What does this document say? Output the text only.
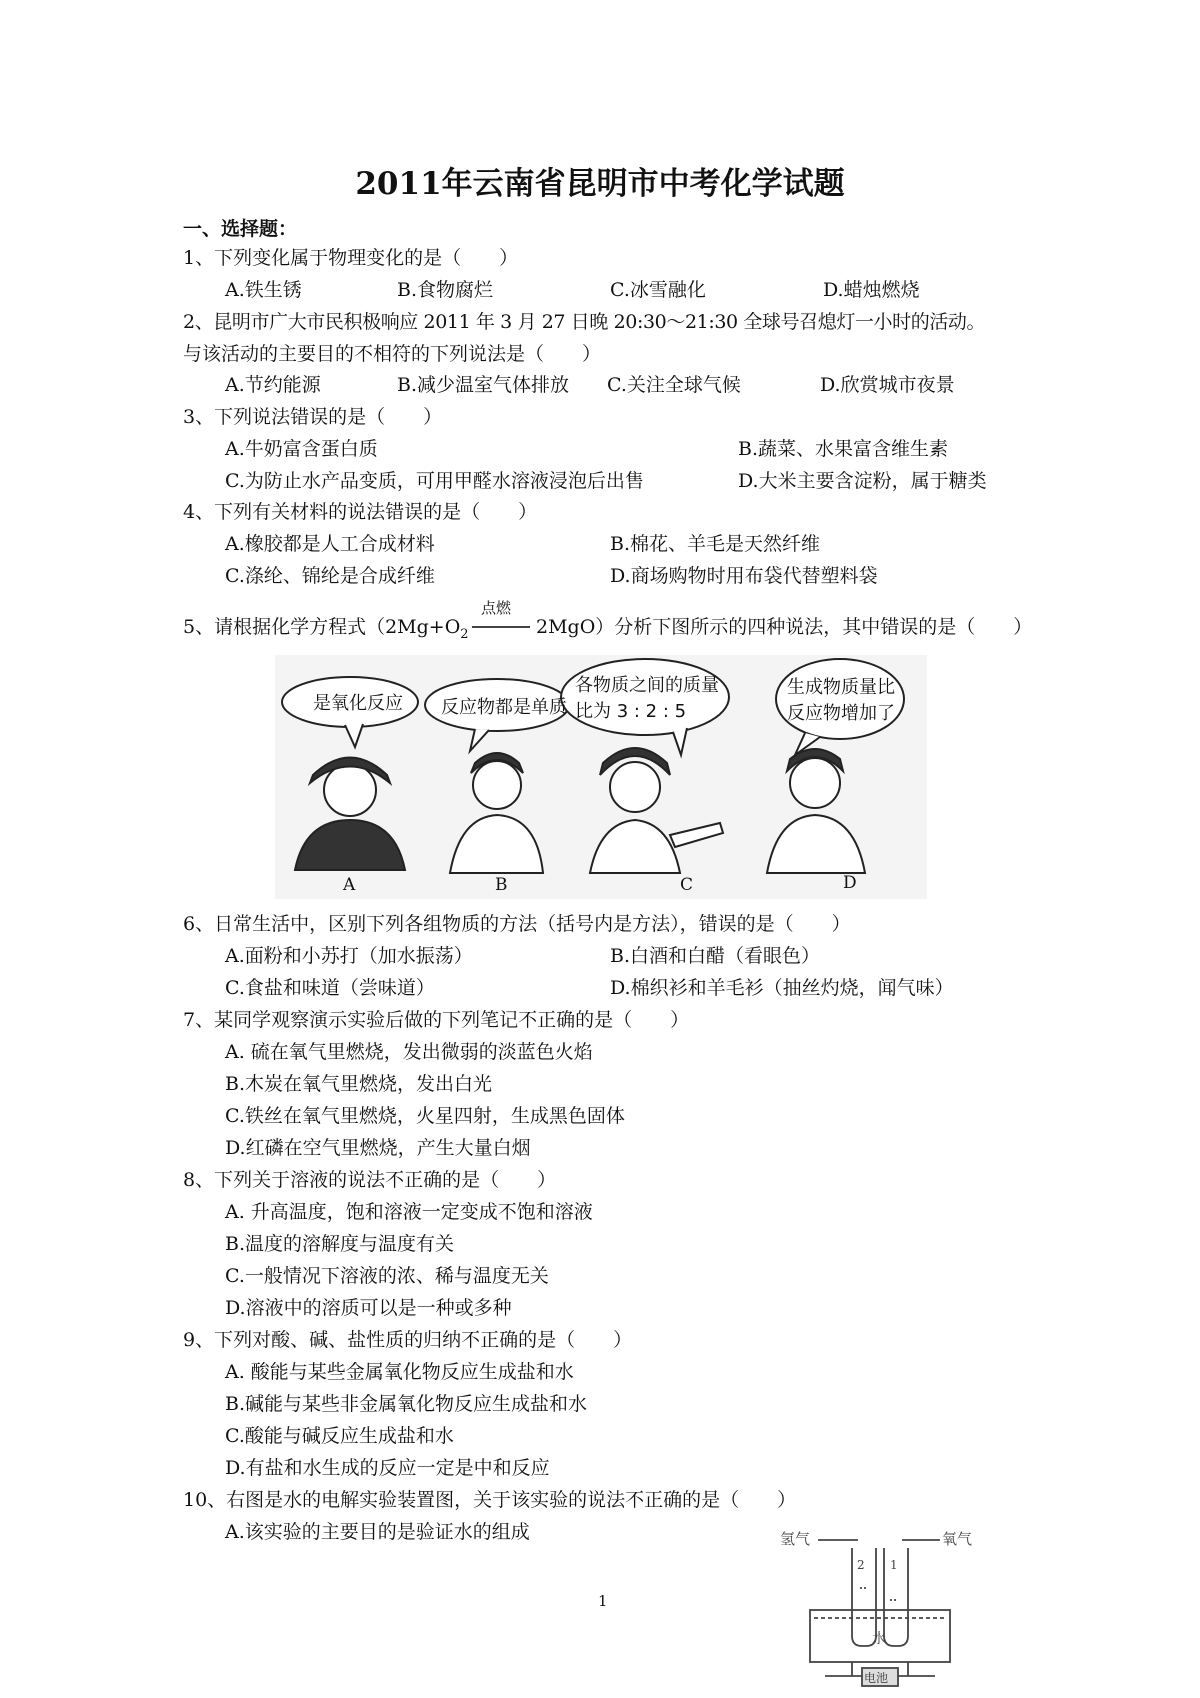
2011年云南省昆明市中考化学试题
一、选择题：
1、下列变化属于物理变化的是（　　）
A.铁生锈	B.食物腐烂	C.冰雪融化	D.蜡烛燃烧
2、昆明市广大市民积极响应 2011 年 3 月 27 日晚 20:30～21:30 全球号召熄灯一小时的活动。
与该活动的主要目的不相符的下列说法是（　　）
A.节约能源	B.减少温室气体排放 C.关注全球气候	D.欣赏城市夜景
3、下列说法错误的是（　　）
A.牛奶富含蛋白质	B.蔬菜、水果富含维生素
C.为防止水产品变质，可用甲醛水溶液浸泡后出售	D.大米主要含淀粉，属于糖类
4、下列有关材料的说法错误的是（　　）
A.橡胶都是人工合成材料	B.棉花、羊毛是天然纤维
C.涤纶、锦纶是合成纤维	D.商场购物时用布袋代替塑料袋
5、请根据化学方程式（$2Mg+O_2$
点燃
2MgO）分析下图所示的四种说法，其中错误的是（　　）
是氧化反应 反应物都是单质
各物质之间的质量
比为 3 : 2 : 5
生成物质量比
反应物增加了
A	B	C	D
6、日常生活中，区别下列各组物质的方法（括号内是方法），错误的是（　　）
A.面粉和小苏打（加水振荡）	B.白酒和白醋（看眼色）
C.食盐和味道（尝味道）	D.棉织衫和羊毛衫（抽丝灼烧，闻气味）
7、某同学观察演示实验后做的下列笔记不正确的是（　　）
A. 硫在氧气里燃烧，发出微弱的淡蓝色火焰
B.木炭在氧气里燃烧，发出白光
C.铁丝在氧气里燃烧，火星四射，生成黑色固体
D.红磷在空气里燃烧，产生大量白烟
8、下列关于溶液的说法不正确的是（　　）
A. 升高温度，饱和溶液一定变成不饱和溶液
B.温度的溶解度与温度有关
C.一般情况下溶液的浓、稀与温度无关
D.溶液中的溶质可以是一种或多种
9、下列对酸、碱、盐性质的归纳不正确的是（　　）
A. 酸能与某些金属氧化物反应生成盐和水
B.碱能与某些非金属氧化物反应生成盐和水
C.酸能与碱反应生成盐和水
D.有盐和水生成的反应一定是中和反应
10、右图是水的电解实验装置图，关于该实验的说法不正确的是（　　）
A.该实验的主要目的是验证水的组成	氢气	氧气
水
电池
2 1
1
